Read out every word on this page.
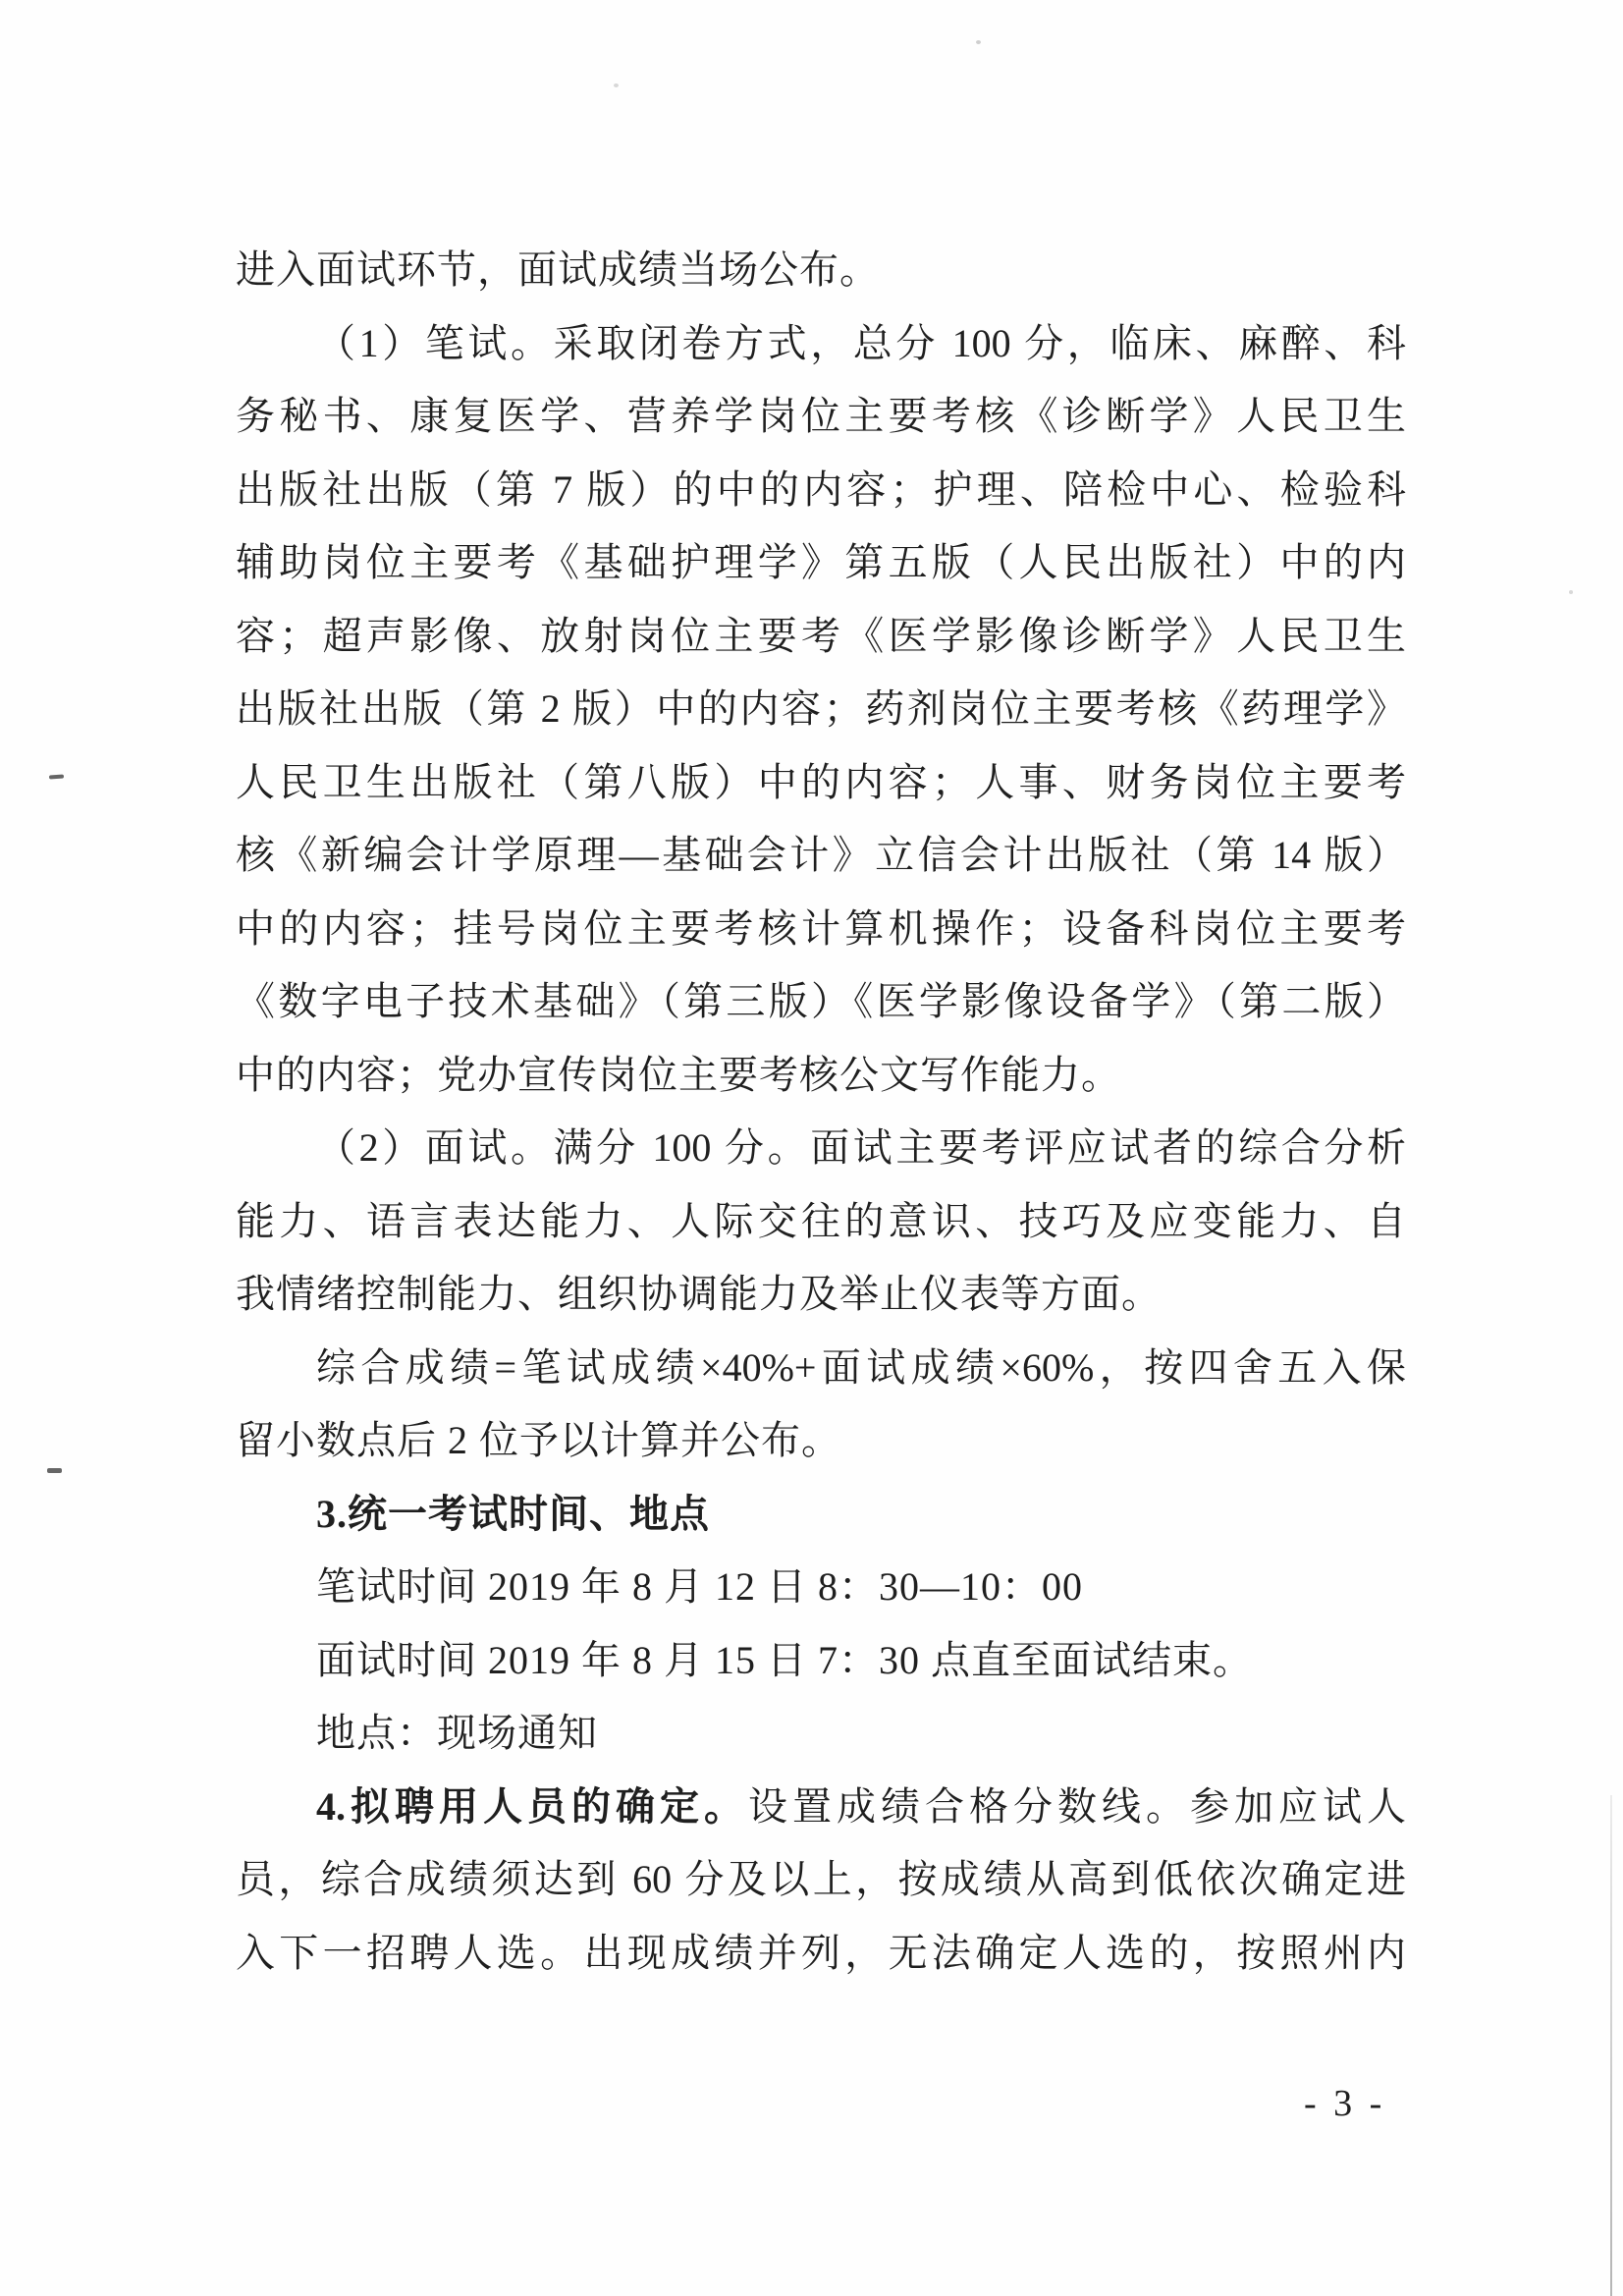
进入面试环节，面试成绩当场公布。
（1）笔试。采取闭卷方式，总分 100 分，临床、麻醉、科
务秘书、康复医学、营养学岗位主要考核《诊断学》人民卫生
出版社出版（第 7 版）的中的内容；护理、陪检中心、检验科
辅助岗位主要考《基础护理学》第五版（人民出版社）中的内
容；超声影像、放射岗位主要考《医学影像诊断学》人民卫生
出版社出版（第 2 版）中的内容；药剂岗位主要考核《药理学》
人民卫生出版社（第八版）中的内容；人事、财务岗位主要考
核《新编会计学原理—基础会计》立信会计出版社（第 14 版）
中的内容；挂号岗位主要考核计算机操作；设备科岗位主要考
《数字电子技术基础》（第三版）《医学影像设备学》（第二版）
中的内容；党办宣传岗位主要考核公文写作能力。
（2）面试。满分 100 分。面试主要考评应试者的综合分析
能力、语言表达能力、人际交往的意识、技巧及应变能力、自
我情绪控制能力、组织协调能力及举止仪表等方面。
综合成绩=笔试成绩×40%+面试成绩×60%，按四舍五入保
留小数点后 2 位予以计算并公布。
3.统一考试时间、地点
笔试时间 2019 年 8 月 12 日 8：30—10：00
面试时间 2019 年 8 月 15 日 7：30 点直至面试结束。
地点：现场通知
4.拟聘用人员的确定。设置成绩合格分数线。参加应试人
员，综合成绩须达到 60 分及以上，按成绩从高到低依次确定进
入下一招聘人选。出现成绩并列，无法确定人选的，按照州内
- 3 -
